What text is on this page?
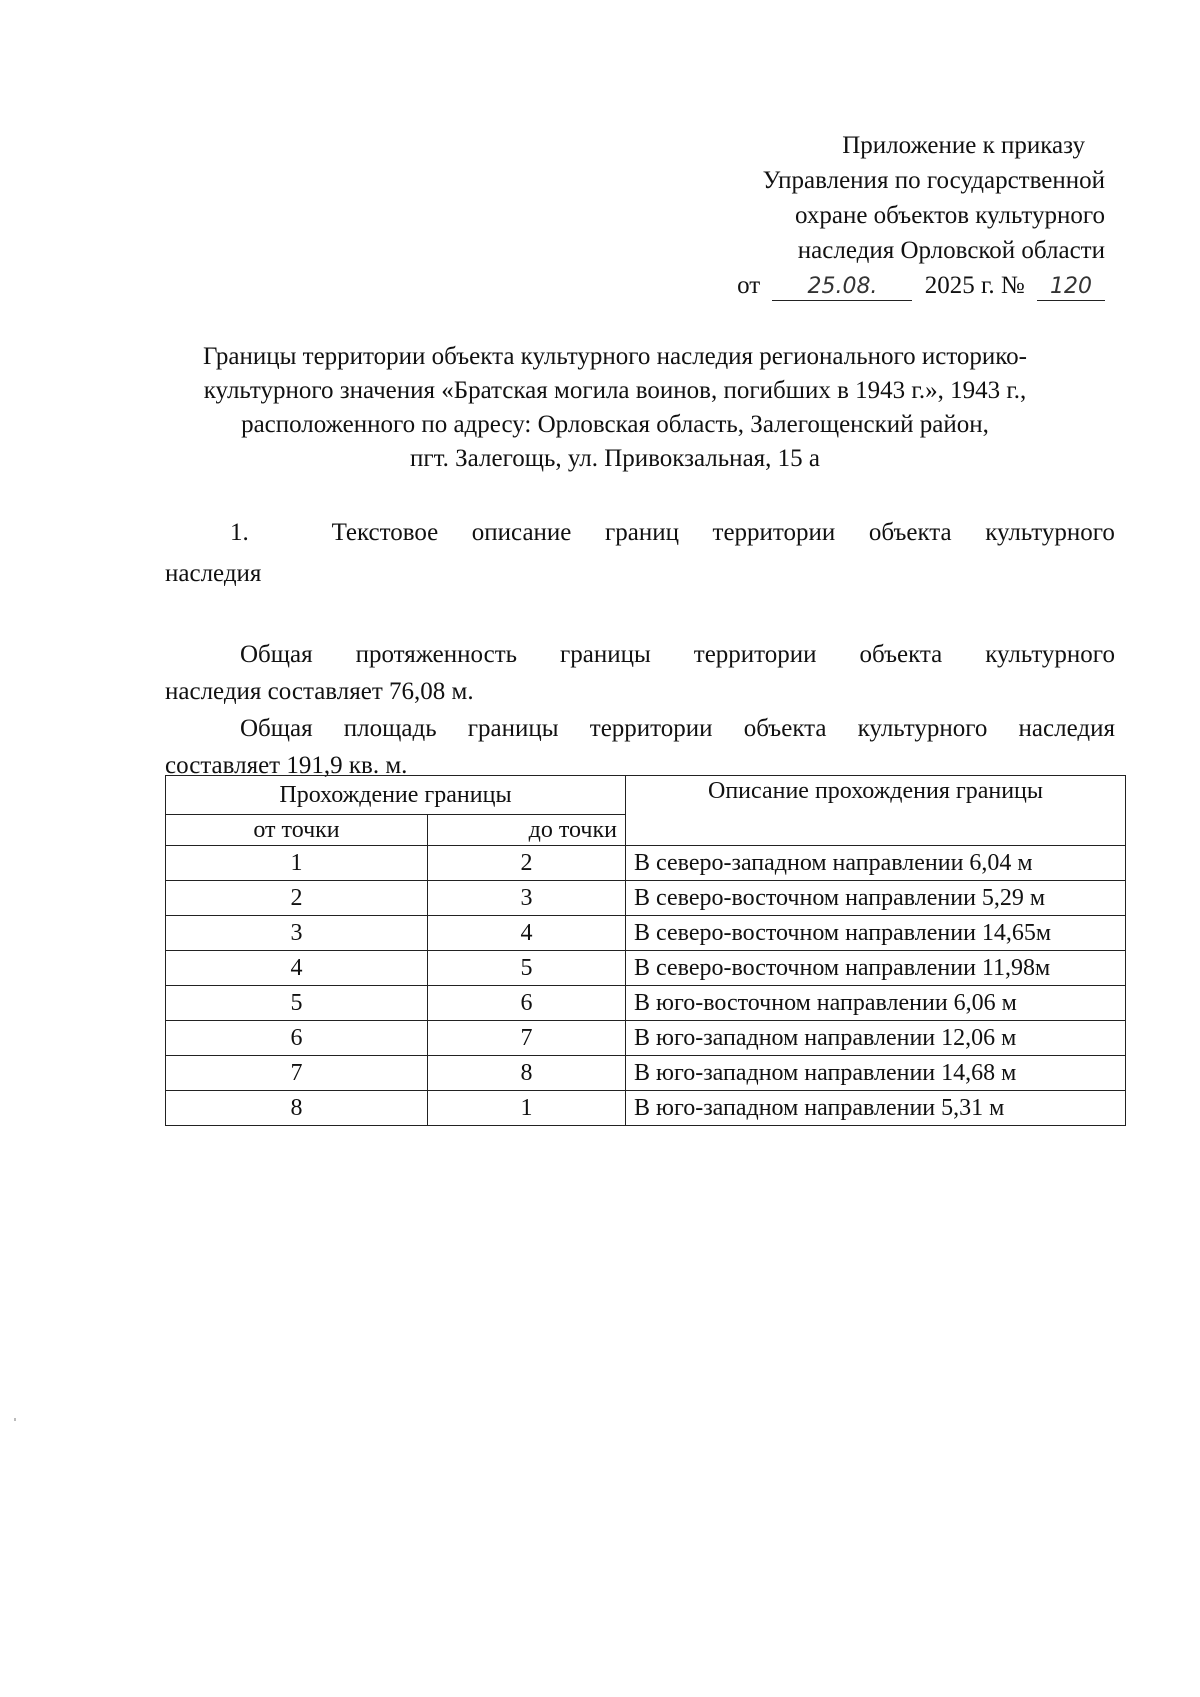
Приложение к приказу
Управления по государственной
охране объектов культурного
наследия Орловской области
от 25.08. 2025 г. № 120
Границы территории объекта культурного наследия регионального историко-
культурного значения «Братская могила воинов, погибших в 1943 г.», 1943 г.,
расположенного по адресу: Орловская область, Залегощенский район,
пгт. Залегощь, ул. Привокзальная, 15 а
1.	Текстовое описание границ территории объекта культурного
наследия
Общая протяженность границы территории объекта культурного
наследия составляет 76,08 м.
Общая площадь границы территории объекта культурного наследия
составляет 191,9 кв. м.
Прохождение границы		Описание прохождения границы
от точки	до точки	
1	2	В северо-западном направлении 6,04 м
2	3	В северо-восточном направлении 5,29 м
3	4	В северо-восточном направлении 14,65м
4	5	В северо-восточном направлении 11,98м
5	6	В юго-восточном направлении 6,06 м
6	7	В юго-западном направлении 12,06 м
7	8	В юго-западном направлении 14,68 м
8	1	В юго-западном направлении 5,31 м
